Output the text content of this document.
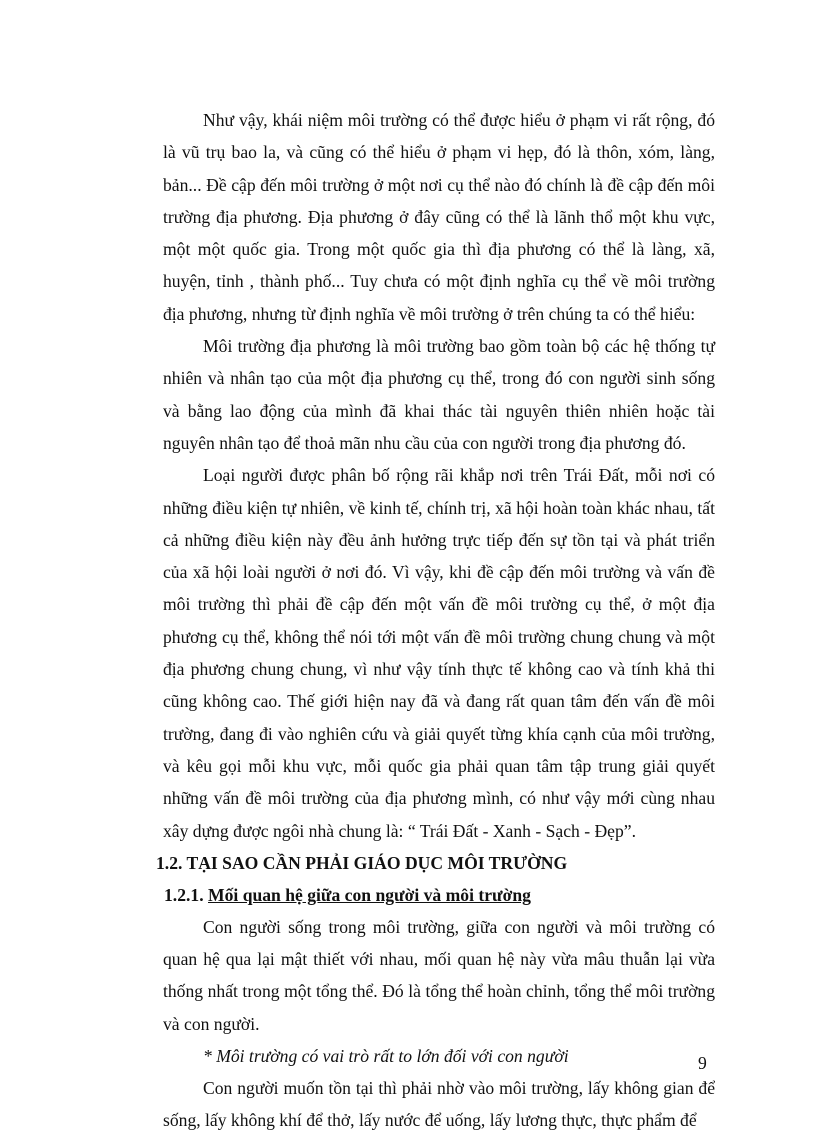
Như vậy, khái niệm môi trường có thể được hiểu ở phạm vi rất rộng, đó là vũ trụ bao la, và cũng có thể hiểu ở phạm vi hẹp, đó là thôn, xóm, làng, bản... Đề cập đến môi trường ở một nơi cụ thể nào đó chính là đề cập đến môi trường địa phương. Địa phương ở đây cũng có thể là lãnh thổ một khu vực, một một quốc gia. Trong một quốc gia thì địa phương có thể là làng, xã, huyện, tỉnh , thành phố... Tuy chưa có một định nghĩa cụ thể về môi trường địa phương, nhưng từ định nghĩa về môi trường ở trên chúng ta có thể hiểu:

Môi trường địa phương là môi trường bao gồm toàn bộ các hệ thống tự nhiên và nhân tạo của một địa phương cụ thể, trong đó con người sinh sống và bằng lao động của mình đã khai thác tài nguyên thiên nhiên hoặc tài nguyên nhân tạo để thoả mãn nhu cầu của con người trong địa phương đó.

Loại người được phân bố rộng rãi khắp nơi trên Trái Đất, mỗi nơi có những điều kiện tự nhiên, về kinh tế, chính trị, xã hội hoàn toàn khác nhau, tất cả những điều kiện này đều ảnh hưởng trực tiếp đến sự tồn tại và phát triển của xã hội loài người ở nơi đó. Vì vậy, khi đề cập đến môi trường và vấn đề môi trường thì phải đề cập đến một vấn đề môi trường cụ thể, ở một địa phương cụ thể, không thể nói tới một vấn đề môi trường chung chung và một địa phương chung chung, vì như vậy tính thực tế không cao và tính khả thi cũng không cao. Thế giới hiện nay đã và đang rất quan tâm đến vấn đề môi trường, đang đi vào nghiên cứu và giải quyết từng khía cạnh của môi trường, và kêu gọi mỗi khu vực, mỗi quốc gia phải quan tâm tập trung giải quyết những vấn đề môi trường của địa phương mình, có như vậy mới cùng nhau xây dựng được ngôi nhà chung là: “ Trái Đất - Xanh - Sạch - Đẹp”.

1.2. TẠI SAO CẦN PHẢI GIÁO DỤC MÔI TRƯỜNG
1.2.1. Mối quan hệ giữa con người và môi trường

Con người sống trong môi trường, giữa con người và môi trường có quan hệ qua lại mật thiết với nhau, mối quan hệ này vừa mâu thuẫn lại vừa thống nhất trong một tổng thể. Đó là tổng thể hoàn chỉnh, tổng thể môi trường và con người.

* Môi trường có vai trò rất to lớn đối với con người

Con người muốn tồn tại thì phải nhờ vào môi trường, lấy không gian để sống, lấy không khí để thở, lấy nước để uống, lấy lương thực, thực phẩm để

9
